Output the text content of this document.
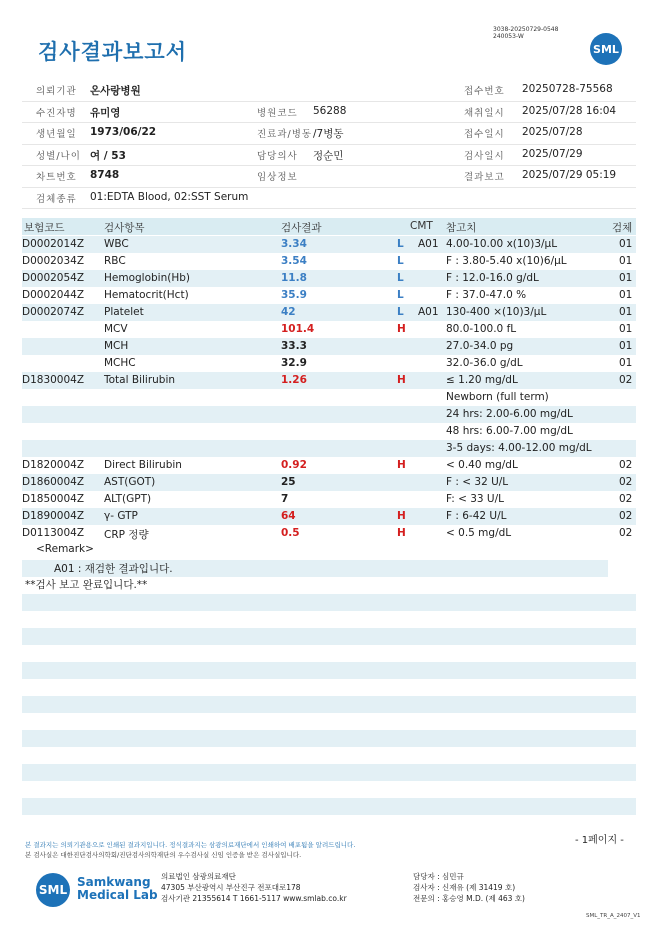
검사결과보고서
3038-20250729-0548
240053-W
SML
의뢰기관 온사랑병원	접수번호 20250728-75568
수진자명 유미영	병원코드 56288	채취일시 2025/07/28 16:04
생년월일 1973/06/22	진료과/병동 /7병동	접수일시 2025/07/28
성별/나이 여 / 53	담당의사 정순민	검사일시 2025/07/29
차트번호 8748	임상정보	결과보고 2025/07/29 05:19
검체종류 01:EDTA Blood, 02:SST Serum
보험코드	검사항목	검사결과	CMT 참고치	검체
D0002014Z WBC	3.34	L A01 4.00-10.00 x(10)3/μL	01
D0002034Z RBC	3.54	L	F : 3.80-5.40 x(10)6/μL	01
D0002054Z Hemoglobin(Hb)	11.8	L	F : 12.0-16.0 g/dL	01
D0002044Z Hematocrit(Hct)	35.9	L	F : 37.0-47.0 %	01
D0002074Z Platelet	42	L A01 130-400 ×(10)3/μL	01
MCV	101.4	H	80.0-100.0 fL	01
MCH	33.3	27.0-34.0 pg	01
MCHC	32.9	32.0-36.0 g/dL	01
D1830004Z Total Bilirubin	1.26	H	≤ 1.20 mg/dL	02
Newborn (full term)
24 hrs: 2.00-6.00 mg/dL
48 hrs: 6.00-7.00 mg/dL
3-5 days: 4.00-12.00 mg/dL
D1820004Z Direct Bilirubin	0.92	H	< 0.40 mg/dL	02
D1860004Z AST(GOT)	25	F : < 32 U/L	02
D1850004Z ALT(GPT)	7	F: < 33 U/L	02
D1890004Z γ- GTP	64	H	F : 6-42 U/L	02
D0113004Z CRP 정량	0.5	H	< 0.5 mg/dL	02
<Remark>
A01 : 재검한 결과입니다.
**검사 보고 완료입니다.**
- 1페이지 -
본 결과지는 의뢰기관용으로 인쇄된 결과지입니다. 정식결과지는 삼광의료재단에서 인쇄하여 배포됨을 알려드립니다.
본 검사실은 대한진단검사의학회/진단검사의학재단의 우수검사실 신임 인증을 받은 검사실입니다.
SML
Samkwang
Medical Lab
의료법인 삼광의료재단
47305 부산광역시 부산진구 전포대로178
검사기관 21355614 T 1661-5117 www.smlab.co.kr
담당자 : 심민규
검사자 : 신재유 (제 31419 호)
전문의 : 홍승영 M.D. (제 463 호)
SML_TR_A_2407_V1
